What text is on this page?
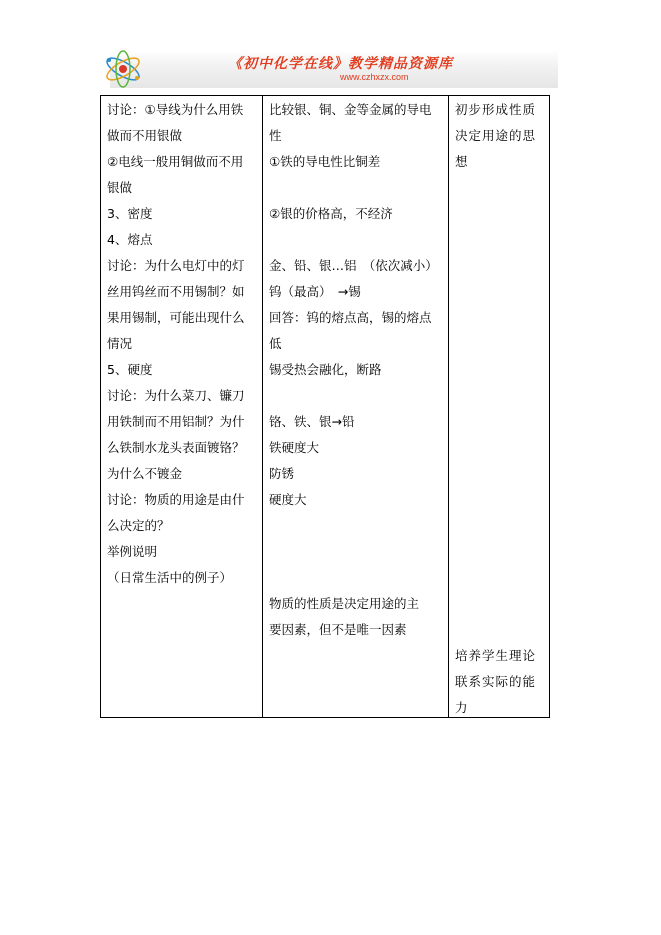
《初中化学在线》教学精品资源库
www.czhxzx.com
讨论：①导线为什么用铁
做而不用银做
②电线一般用铜做而不用
银做
3、密度
4、熔点
讨论：为什么电灯中的灯
丝用钨丝而不用锡制？如
果用锡制，可能出现什么
情况
5、硬度
讨论：为什么菜刀、镰刀
用铁制而不用铝制？为什
么铁制水龙头表面镀铬？
为什么不镀金
讨论：物质的用途是由什
么决定的？
举例说明
（日常生活中的例子）
比较银、铜、金等金属的导电
性
①铁的导电性比铜差
②银的价格高，不经济
金、铅、银…铝　（依次减小）
钨（最高）　→锡
回答：钨的熔点高，锡的熔点
低
锡受热会融化，断路
铬、铁、银→铅
铁硬度大
防锈
硬度大
物质的性质是决定用途的主
要因素，但不是唯一因素
初步形成性质
决定用途的思
想
培养学生理论
联系实际的能
力
